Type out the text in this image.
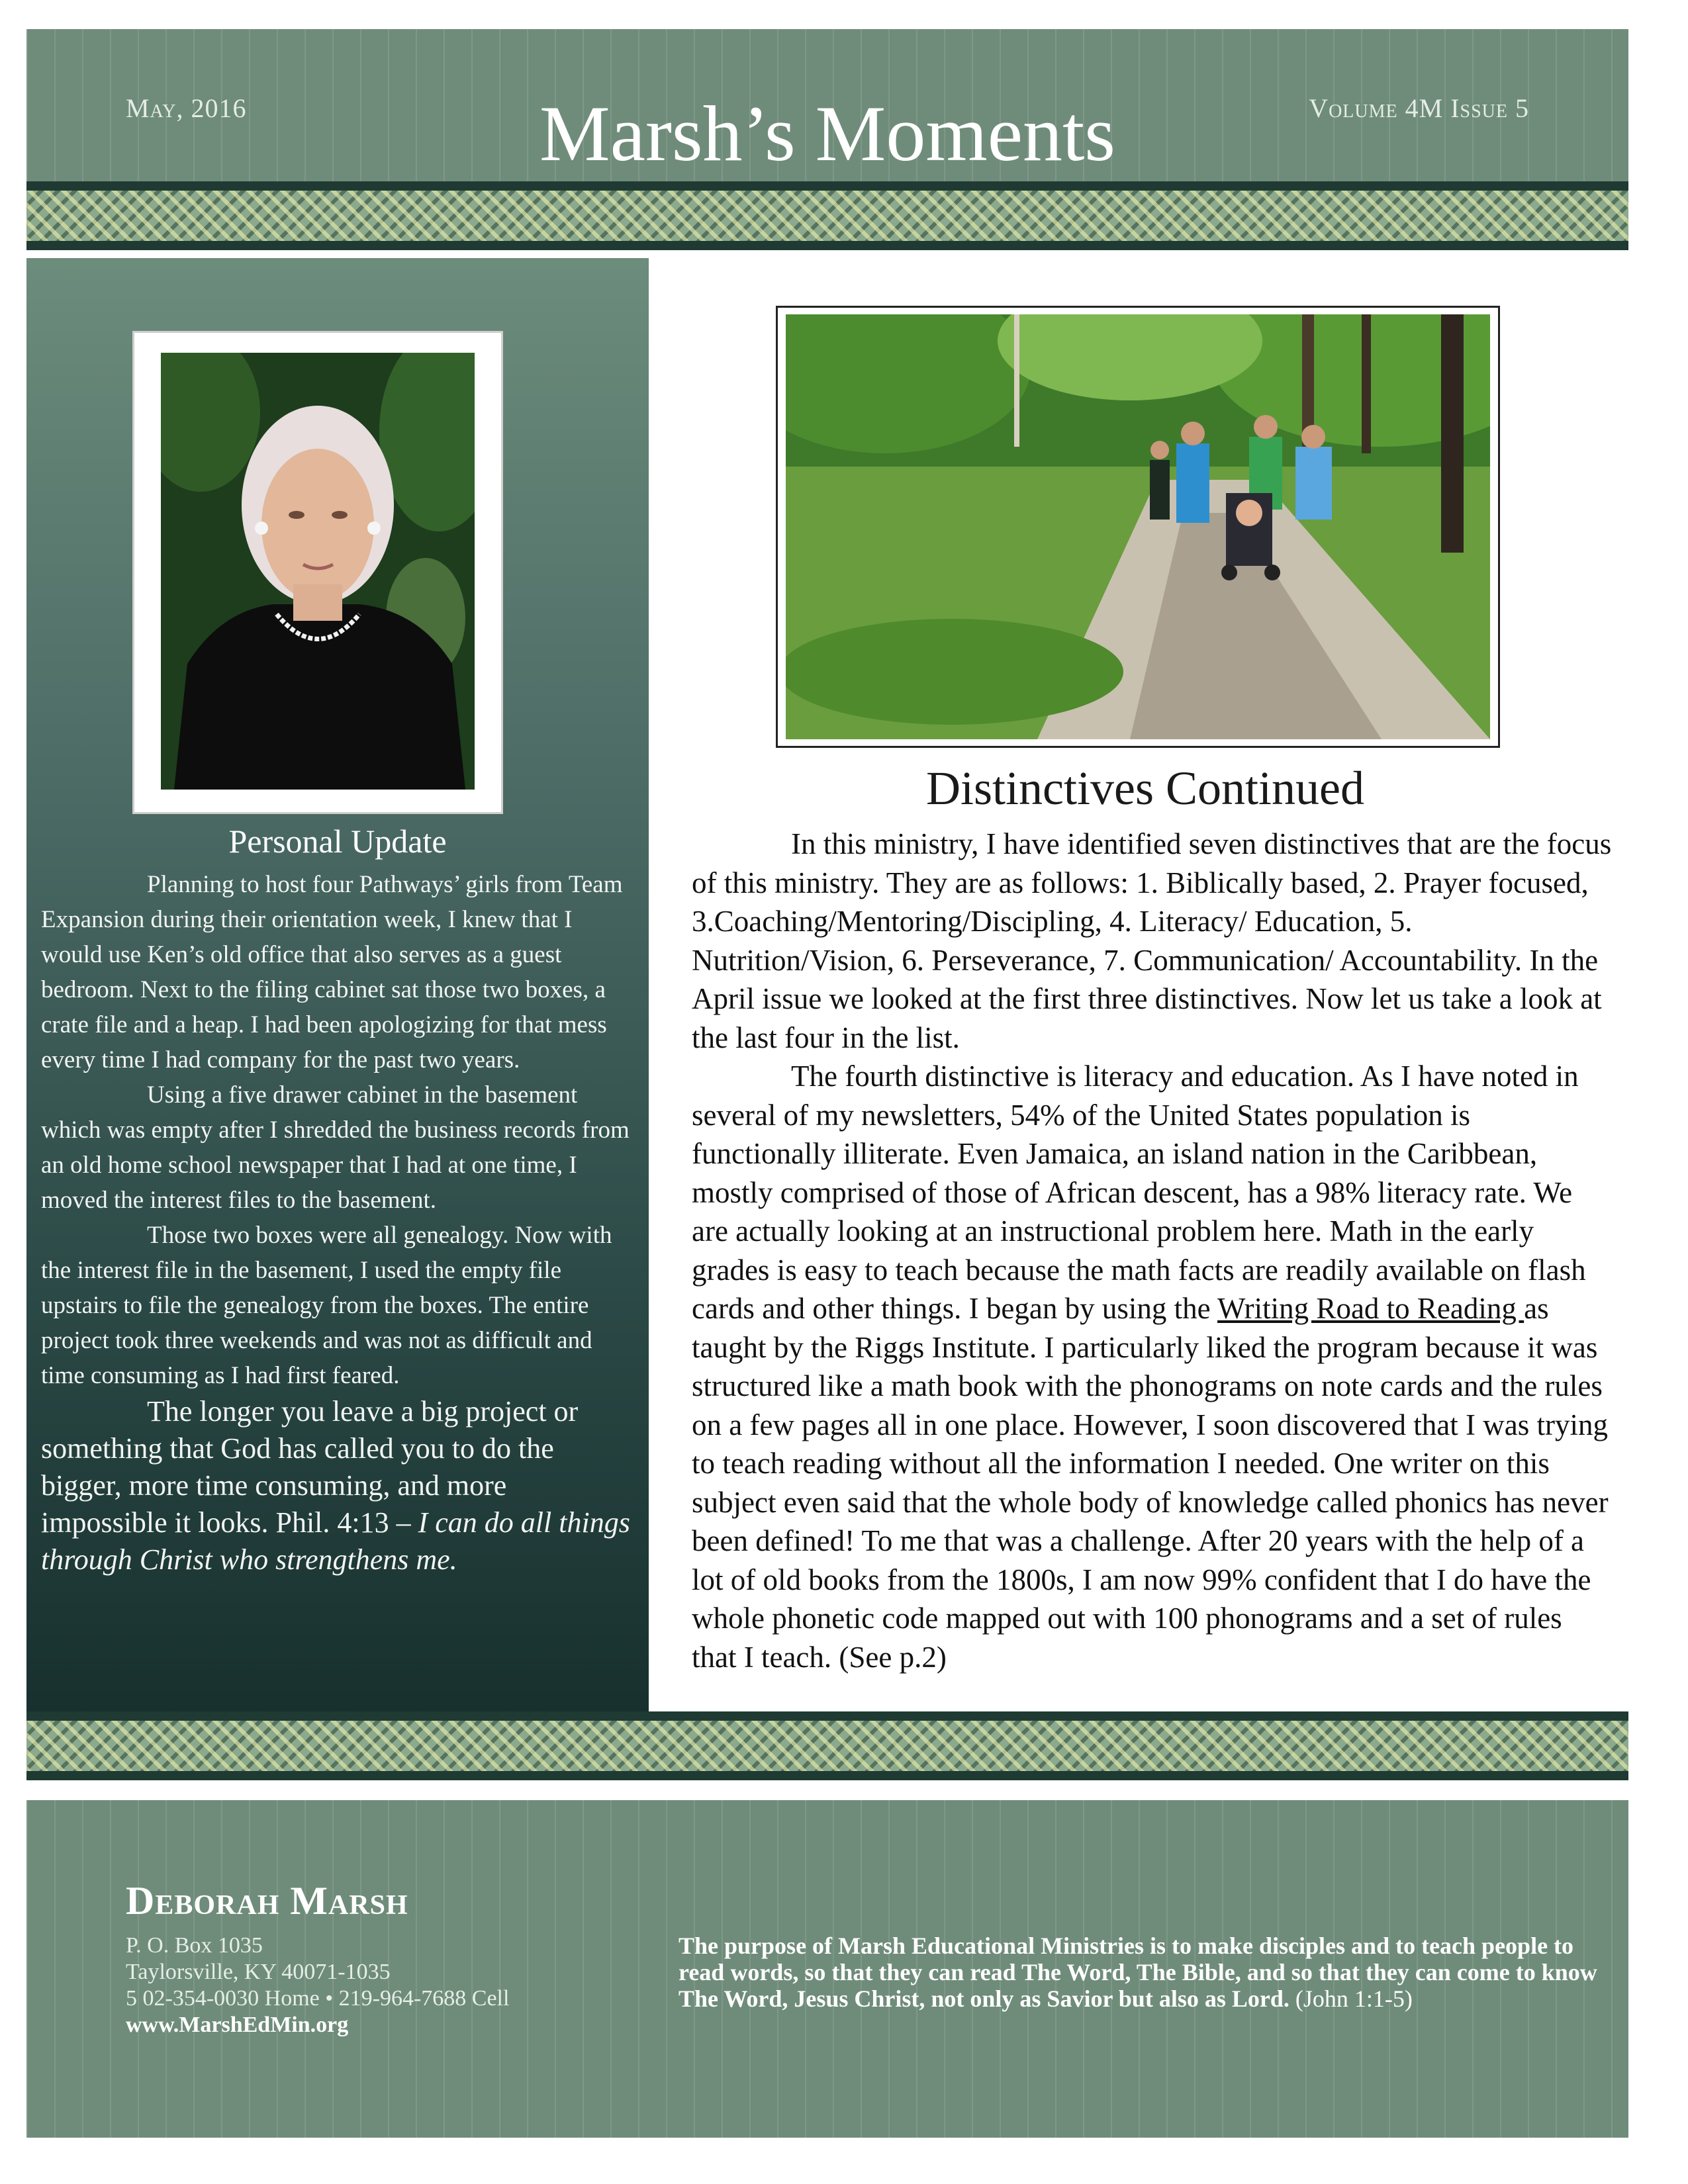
May, 2016	Marsh’s Moments	Volume 4M Issue 5
Personal Update

Planning to host four Pathways’ girls from Team Expansion during their orientation week, I knew that I would use Ken’s old office that also serves as a guest bedroom. Next to the filing cabinet sat those two boxes, a crate file and a heap. I had been apologizing for that mess every time I had company for the past two years.

Using a five drawer cabinet in the basement which was empty after I shredded the business records from an old home school newspaper that I had at one time, I moved the interest files to the basement.

Those two boxes were all genealogy. Now with the interest file in the basement, I used the empty file upstairs to file the genealogy from the boxes. The entire project took three weekends and was not as difficult and time consuming as I had first feared.

The longer you leave a big project or something that God has called you to do the bigger, more time consuming, and more

impossible it looks. Phil. 4:13 – I can do all things through Christ who strengthens me.

Distinctives Continued

In this ministry, I have identified seven distinctives that are the focus of this ministry. They are as follows: 1. Biblically based, 2. Prayer focused, 3.Coaching/Mentoring/Discipling, 4. Literacy/ Education, 5. Nutrition/Vision, 6. Perseverance, 7. Communication/ Accountability. In the April issue we looked at the first three distinctives. Now let us take a look at the last four in the list.

The fourth distinctive is literacy and education. As I have noted in several of my newsletters, 54% of the United States population is functionally illiterate. Even Jamaica, an island nation in the Caribbean, mostly comprised of those of African descent, has a 98% literacy rate. We are actually looking at an instructional problem here. Math in the early grades is easy to teach because the math facts are readily available on flash cards and other things. I began by using the Writing Road to Reading as taught by the Riggs Institute. I particularly liked the program because it was structured like a math book with the phonograms on note cards and the rules on a few pages all in one place. However, I soon discovered that I was trying to teach reading without all the information I needed. One writer on this subject even said that the whole body of knowledge called phonics has never been defined! To me that was a challenge. After 20 years with the help of a lot of old books from the 1800s, I am now 99% confident that I do have the whole phonetic code mapped out with 100 phonograms and a set of rules that I teach. (See p.2)

Deborah Marsh
P. O. Box 1035
Taylorsville, KY 40071-1035
5 02-354-0030 Home • 219-964-7688 Cell
www.MarshEdMin.org
The purpose of Marsh Educational Ministries is to make disciples and to teach people to read words, so that they can read The Word, The Bible, and so that they can come to know The Word, Jesus Christ, not only as Savior but also as Lord. (John 1:1-5)
